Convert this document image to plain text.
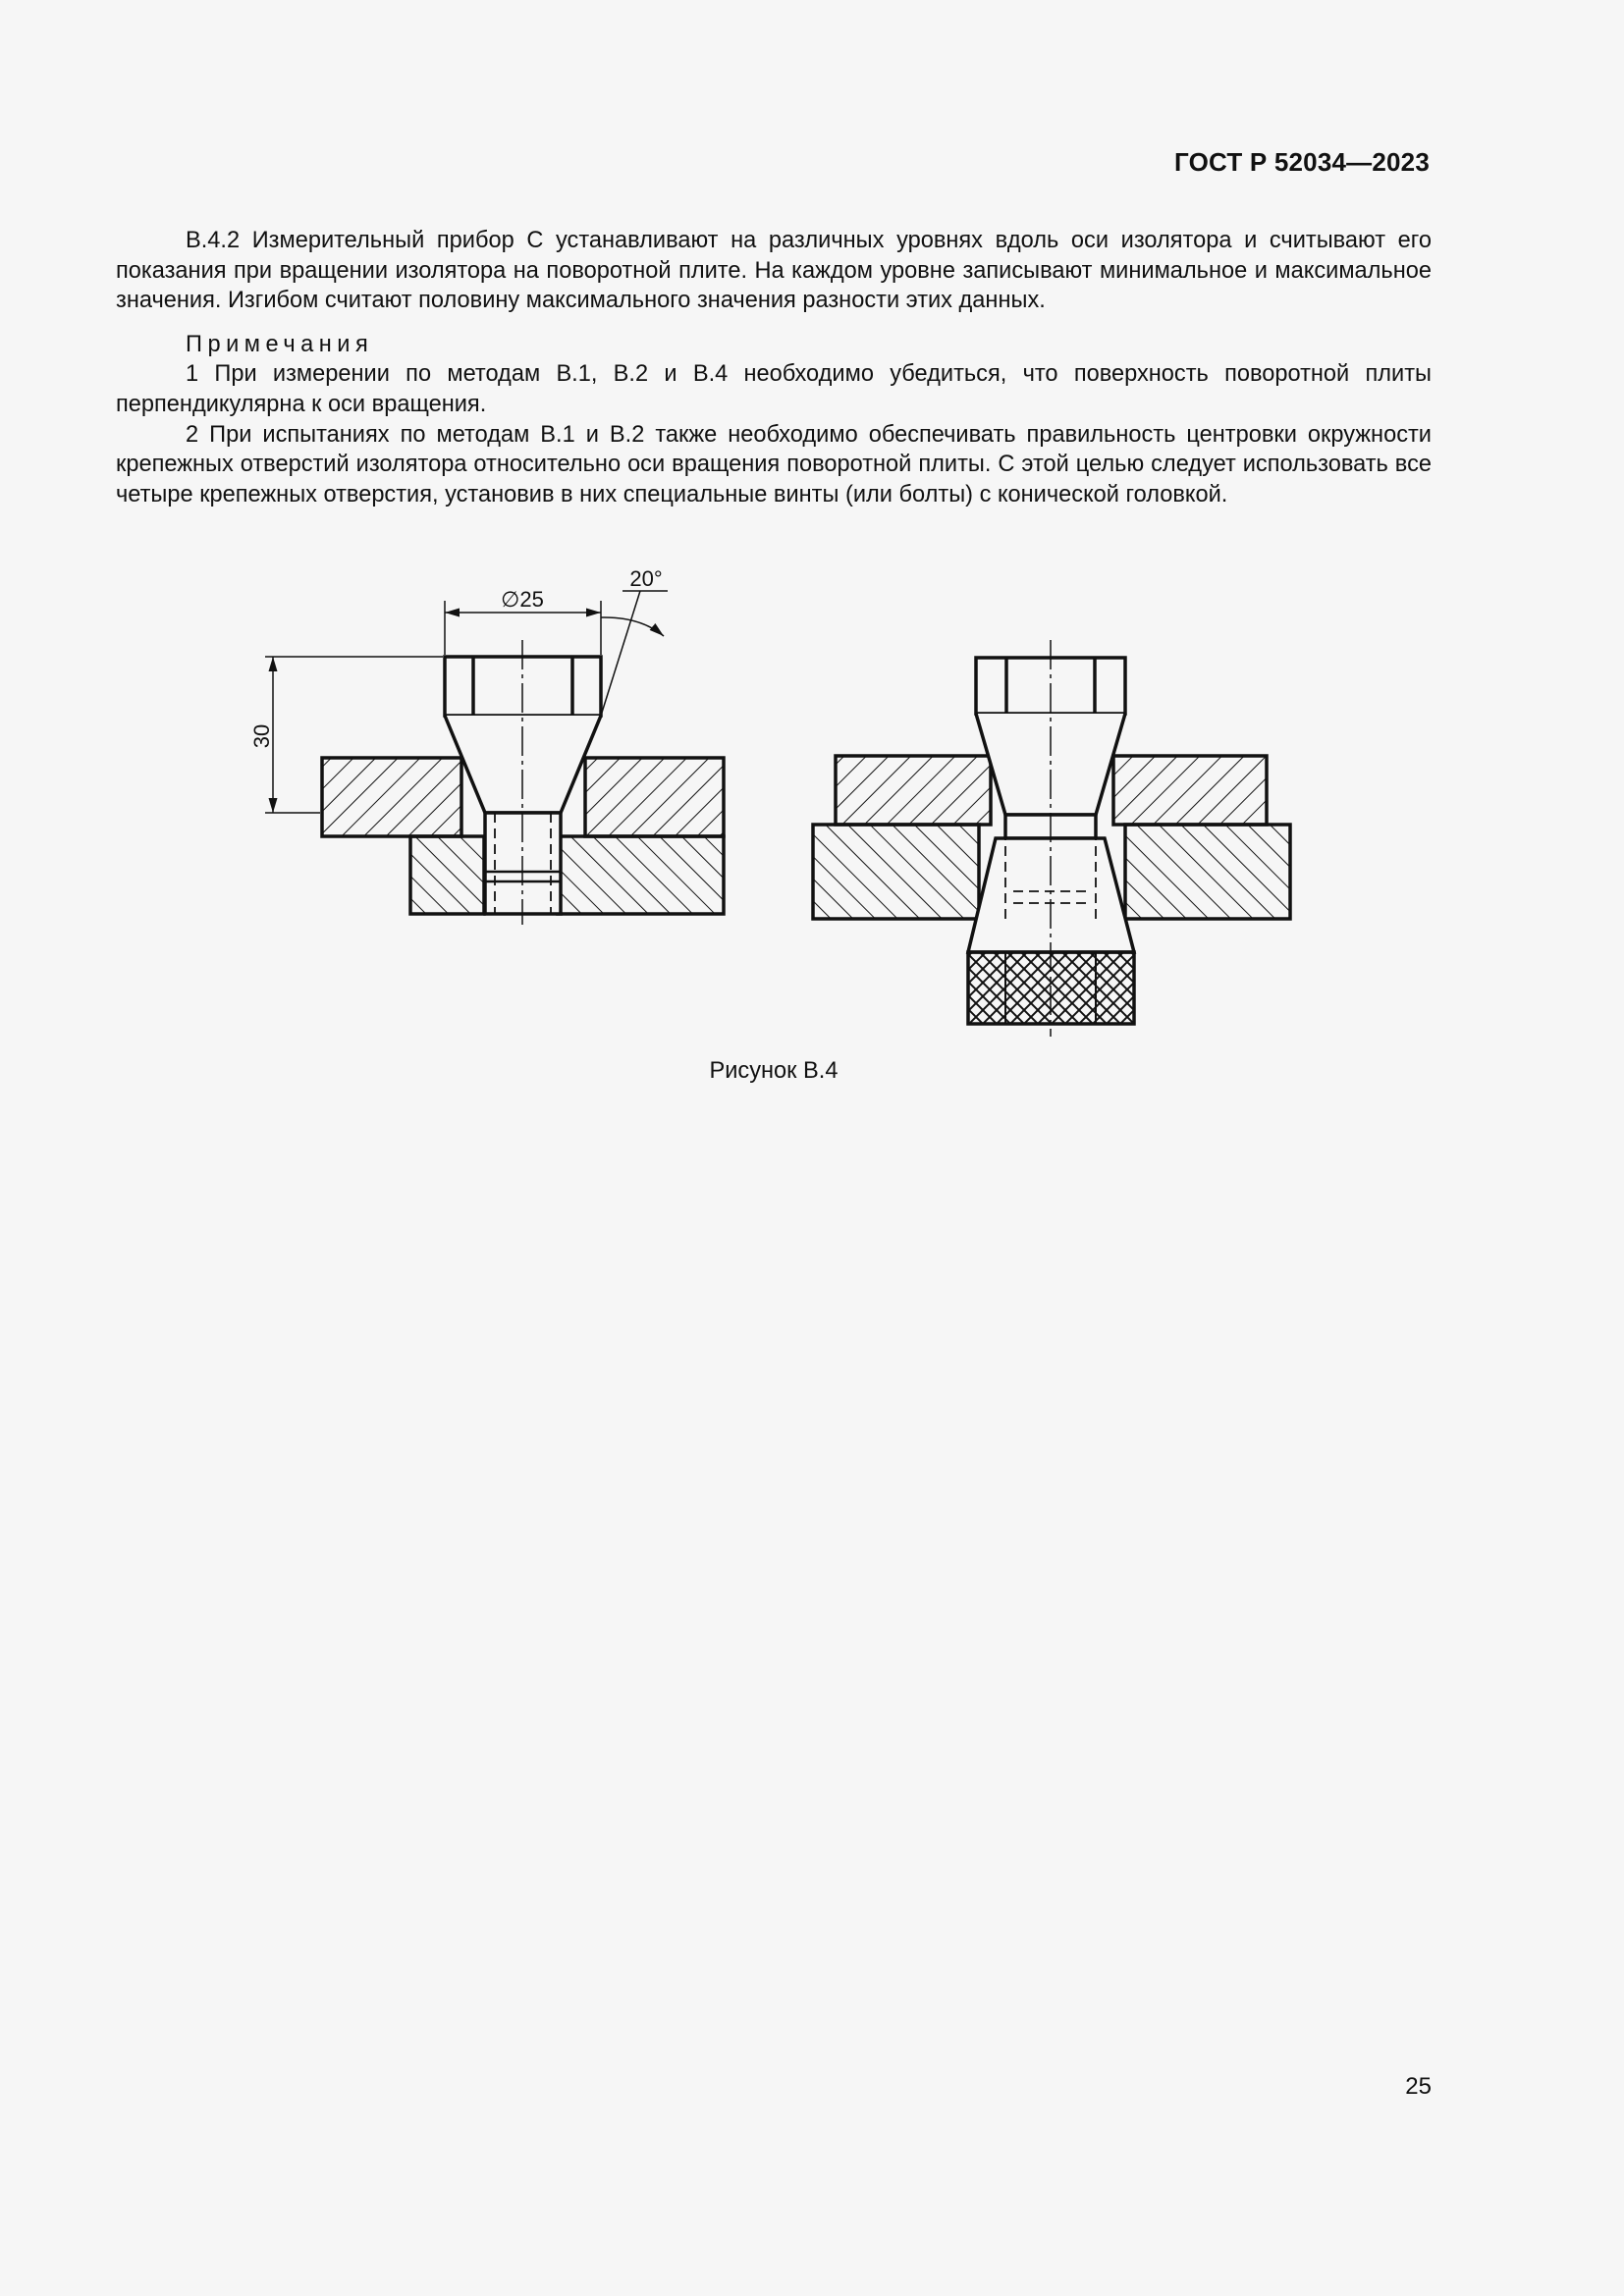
ГОСТ Р 52034—2023

В.4.2 Измерительный прибор С устанавливают на различных уровнях вдоль оси изолятора и считывают его показания при вращении изолятора на поворотной плите. На каждом уровне записывают минимальное и максимальное значения. Изгибом считают половину максимального значения разности этих данных.

Примечания

1 При измерении по методам В.1, В.2 и В.4 необходимо убедиться, что поверхность поворотной плиты перпендикулярна к оси вращения.

2 При испытаниях по методам В.1 и В.2 также необходимо обеспечивать правильность центровки окружности крепежных отверстий изолятора относительно оси вращения поворотной плиты. С этой целью следует использовать все четыре крепежных отверстия, установив в них специальные винты (или болты) с конической головкой.

∅25
30
20°
Рисунок В.4
25
